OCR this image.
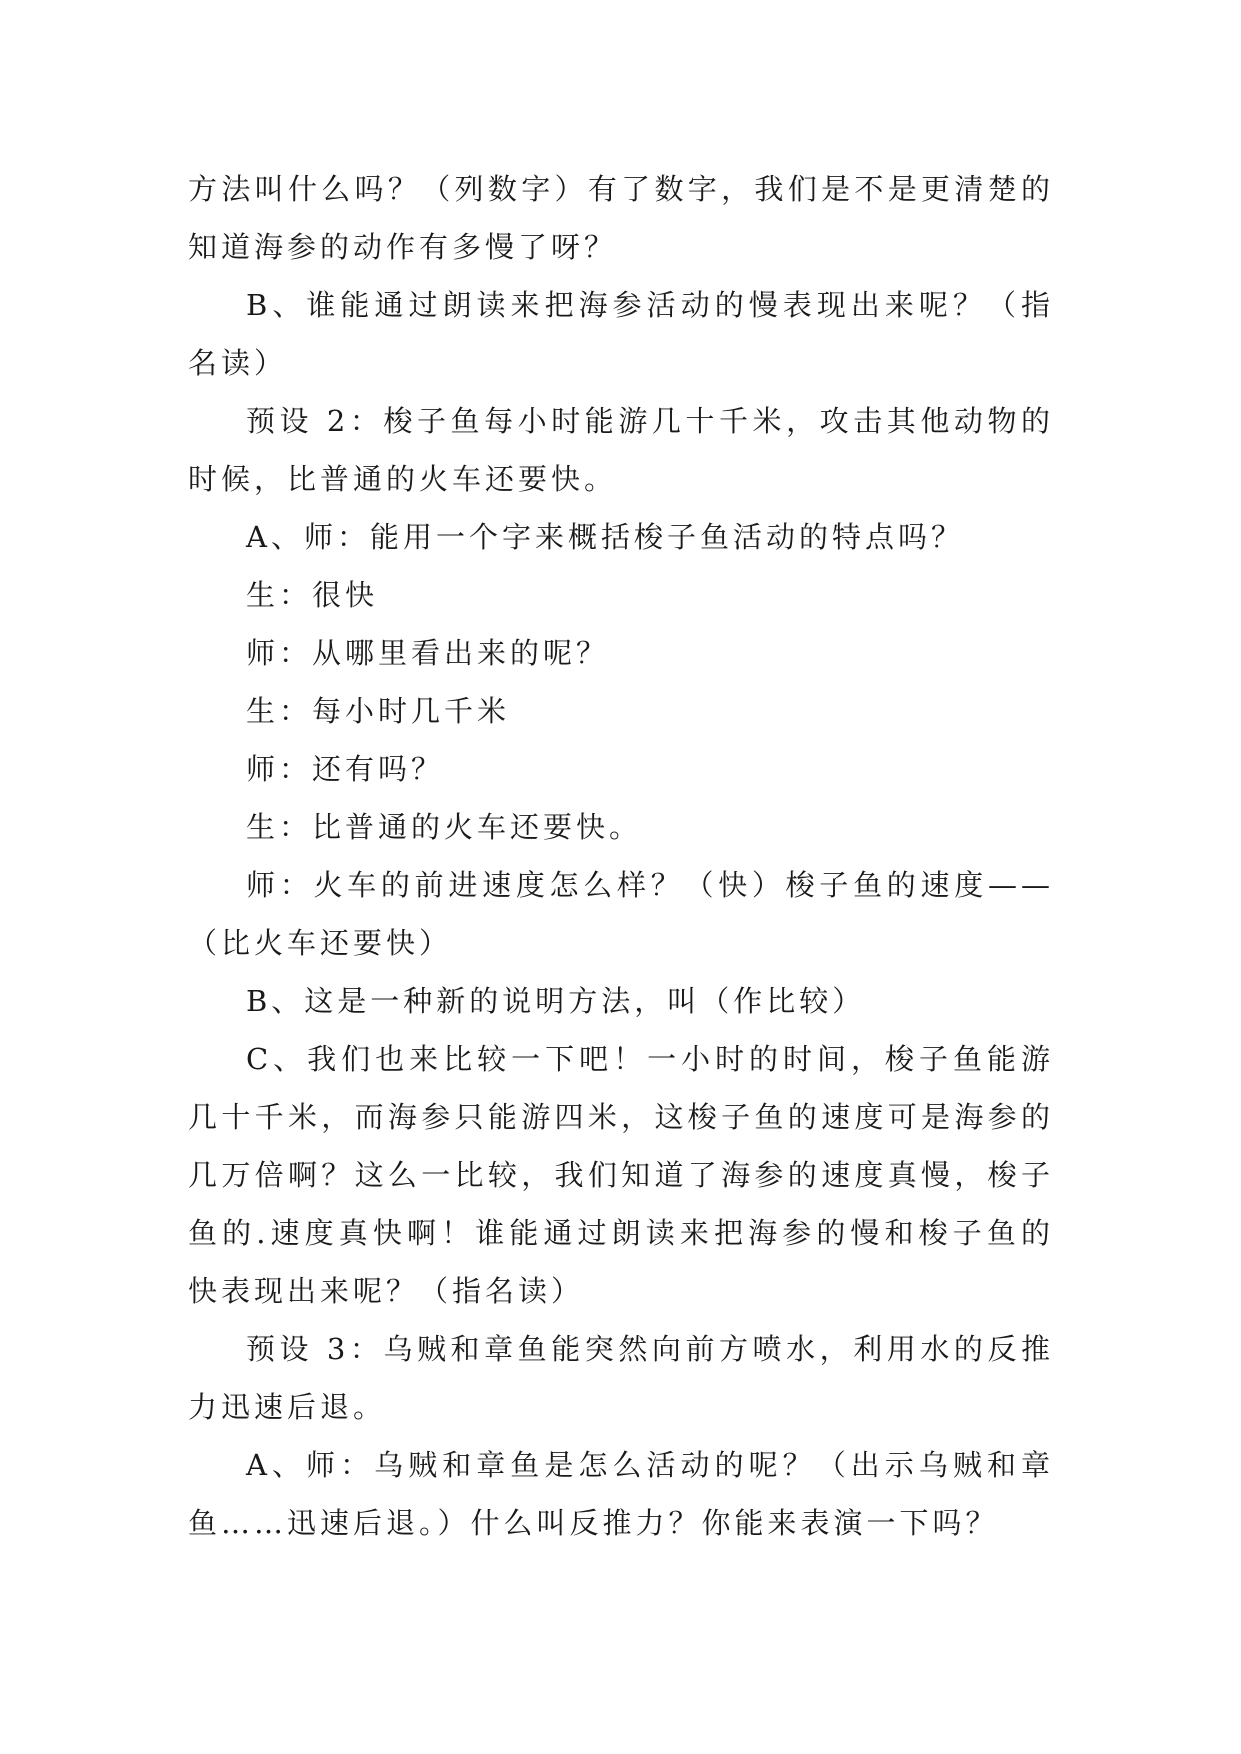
方法叫什么吗？（列数字）有了数字，我们是不是更清楚的知道海参的动作有多慢了呀？

B、谁能通过朗读来把海参活动的慢表现出来呢？（指名读）

预设 2：梭子鱼每小时能游几十千米，攻击其他动物的时候，比普通的火车还要快。

A、师：能用一个字来概括梭子鱼活动的特点吗？

生：很快

师：从哪里看出来的呢？

生：每小时几千米

师：还有吗？

生：比普通的火车还要快。

师：火车的前进速度怎么样？（快）梭子鱼的速度——（比火车还要快）

B、这是一种新的说明方法，叫（作比较）

C、我们也来比较一下吧！一小时的时间，梭子鱼能游几十千米，而海参只能游四米，这梭子鱼的速度可是海参的几万倍啊？这么一比较，我们知道了海参的速度真慢，梭子鱼的.速度真快啊！谁能通过朗读来把海参的慢和梭子鱼的快表现出来呢？（指名读）

预设 3：乌贼和章鱼能突然向前方喷水，利用水的反推力迅速后退。

A、师：乌贼和章鱼是怎么活动的呢？（出示乌贼和章鱼……迅速后退。）什么叫反推力？你能来表演一下吗？
